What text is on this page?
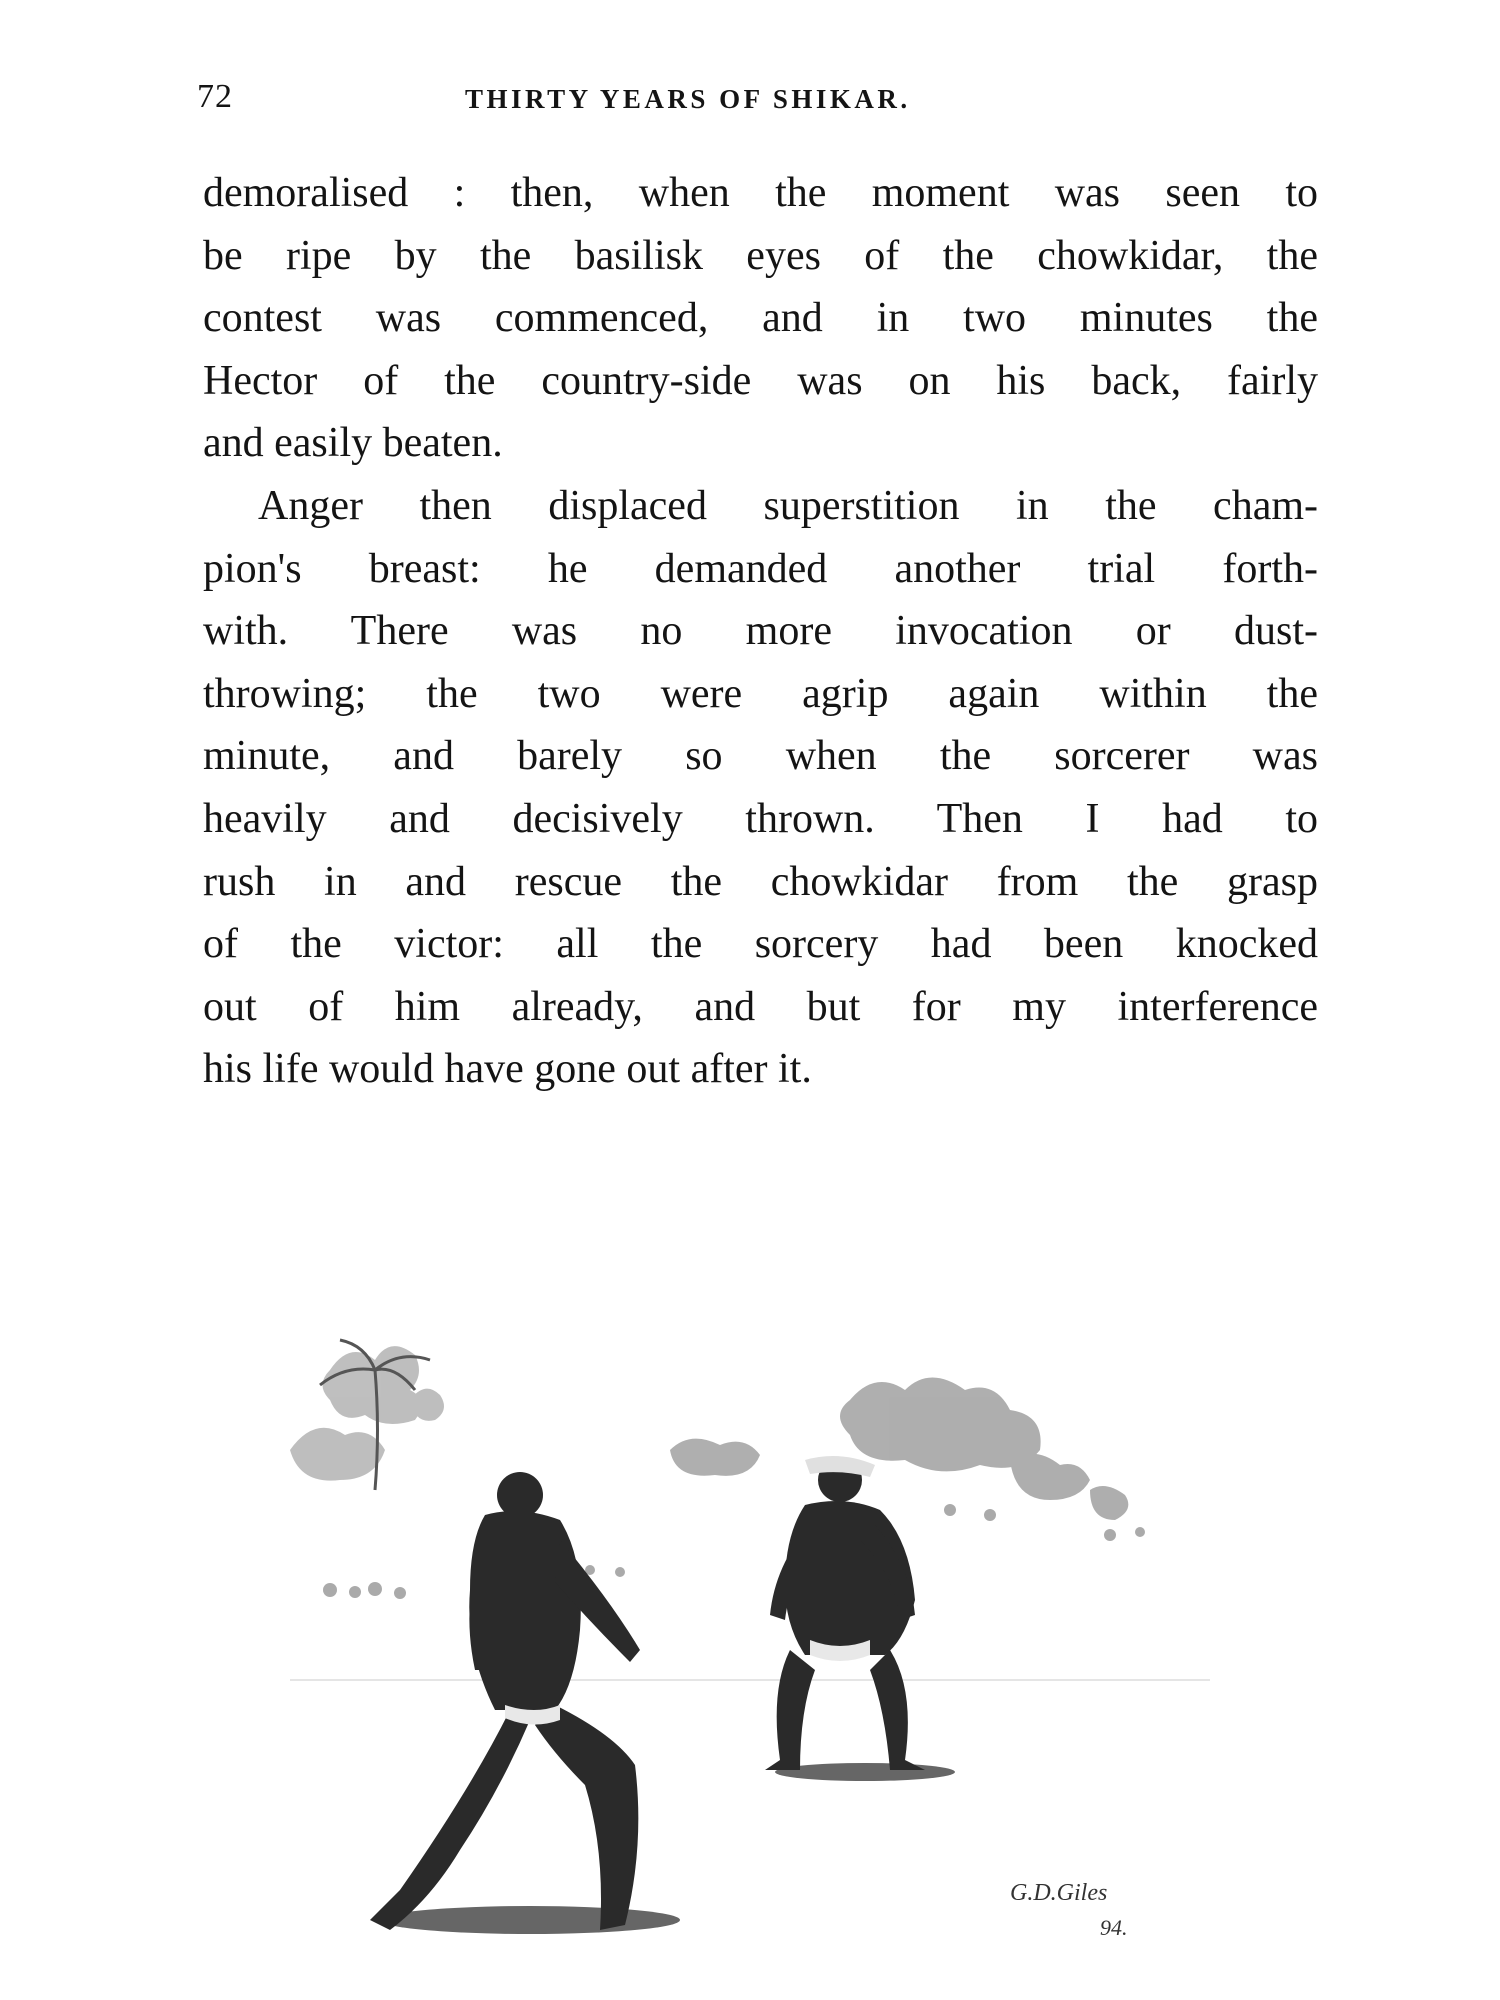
72	THIRTY YEARS OF SHIKAR.
demoralised : then, when the moment was seen to
be ripe by the basilisk eyes of the chowkidar, the
contest was commenced, and in two minutes the
Hector of the country-side was on his back, fairly
and easily beaten.
Anger then displaced superstition in the cham-
pion's breast: he demanded another trial forth-
with. There was no more invocation or dust-
throwing; the two were agrip again within the
minute, and barely so when the sorcerer was
heavily and decisively thrown. Then I had to
rush in and rescue the chowkidar from the grasp
of the victor: all the sorcery had been knocked
out of him already, and but for my interference
his life would have gone out after it.
G.D.Giles
94.
